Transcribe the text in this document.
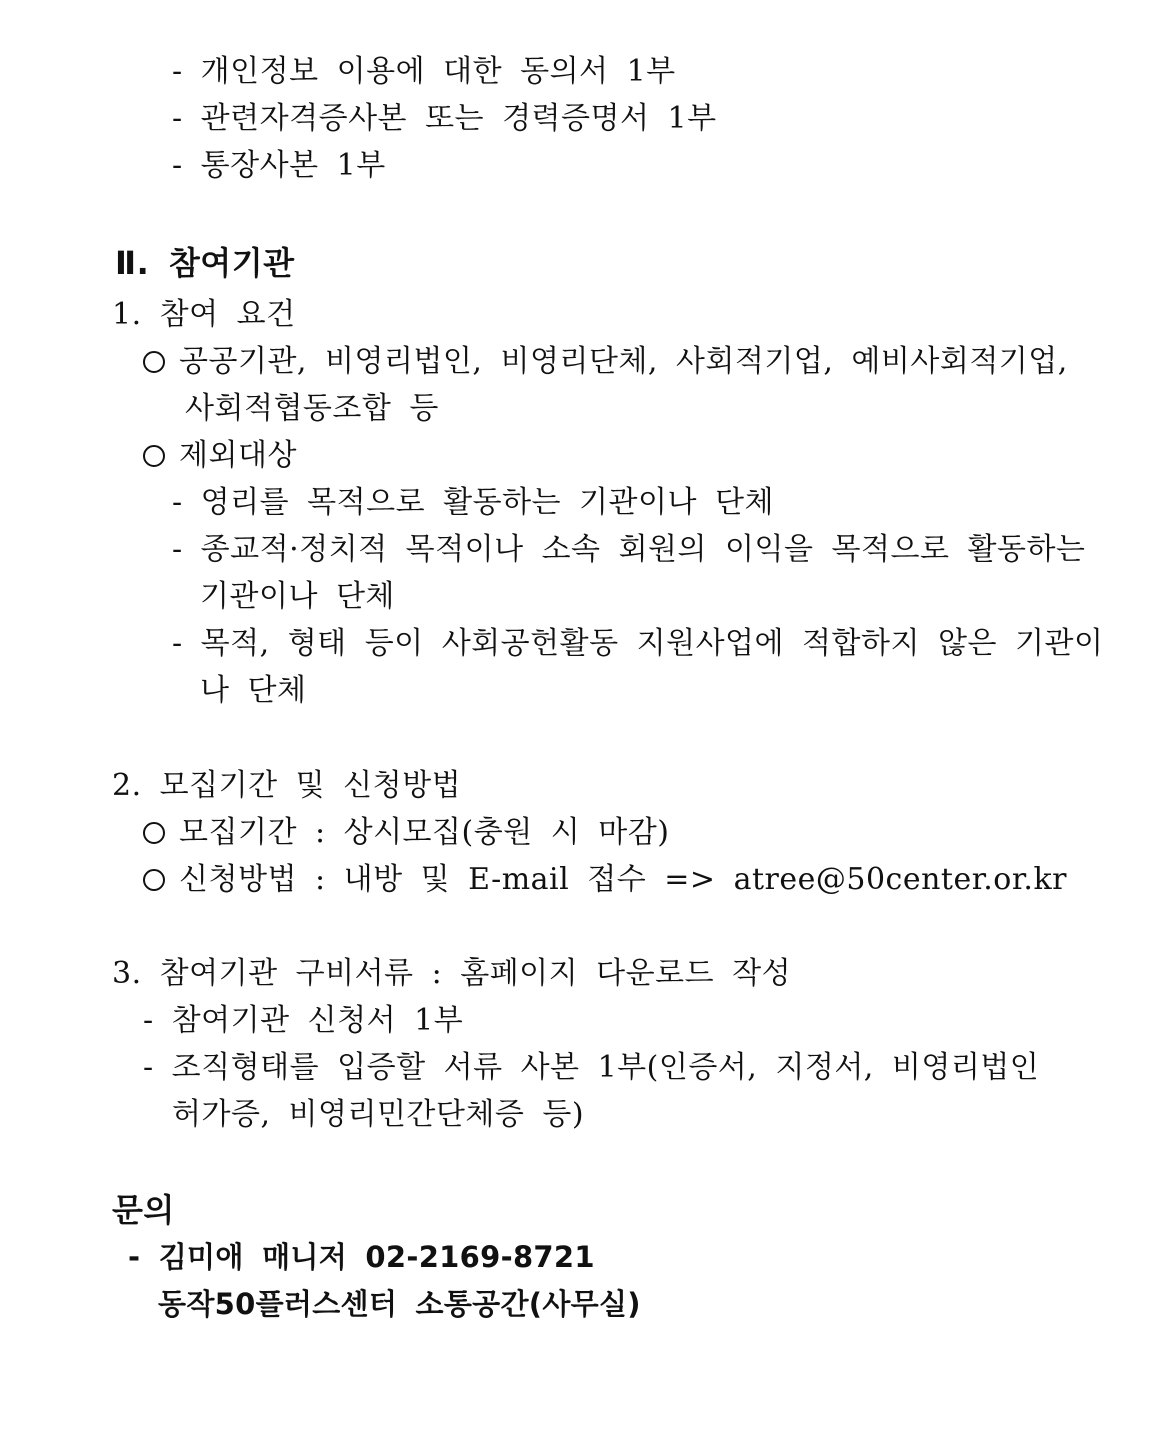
- 개인정보 이용에 대한 동의서 1부
- 관련자격증사본 또는 경력증명서 1부
- 통장사본 1부
Ⅱ. 참여기관
1. 참여 요건
공공기관, 비영리법인, 비영리단체, 사회적기업, 예비사회적기업,
사회적협동조합 등
제외대상
- 영리를 목적으로 활동하는 기관이나 단체
- 종교적·정치적 목적이나 소속 회원의 이익을 목적으로 활동하는
기관이나 단체
- 목적, 형태 등이 사회공헌활동 지원사업에 적합하지 않은 기관이
나 단체
2. 모집기간 및 신청방법
모집기간 : 상시모집(충원 시 마감)
신청방법 : 내방 및 E-mail 접수 => atree@50center.or.kr
3. 참여기관 구비서류 : 홈페이지 다운로드 작성
- 참여기관 신청서 1부
- 조직형태를 입증할 서류 사본 1부(인증서, 지정서, 비영리법인
허가증, 비영리민간단체증 등)
문의
- 김미애 매니저 02-2169-8721
동작50플러스센터 소통공간(사무실)
